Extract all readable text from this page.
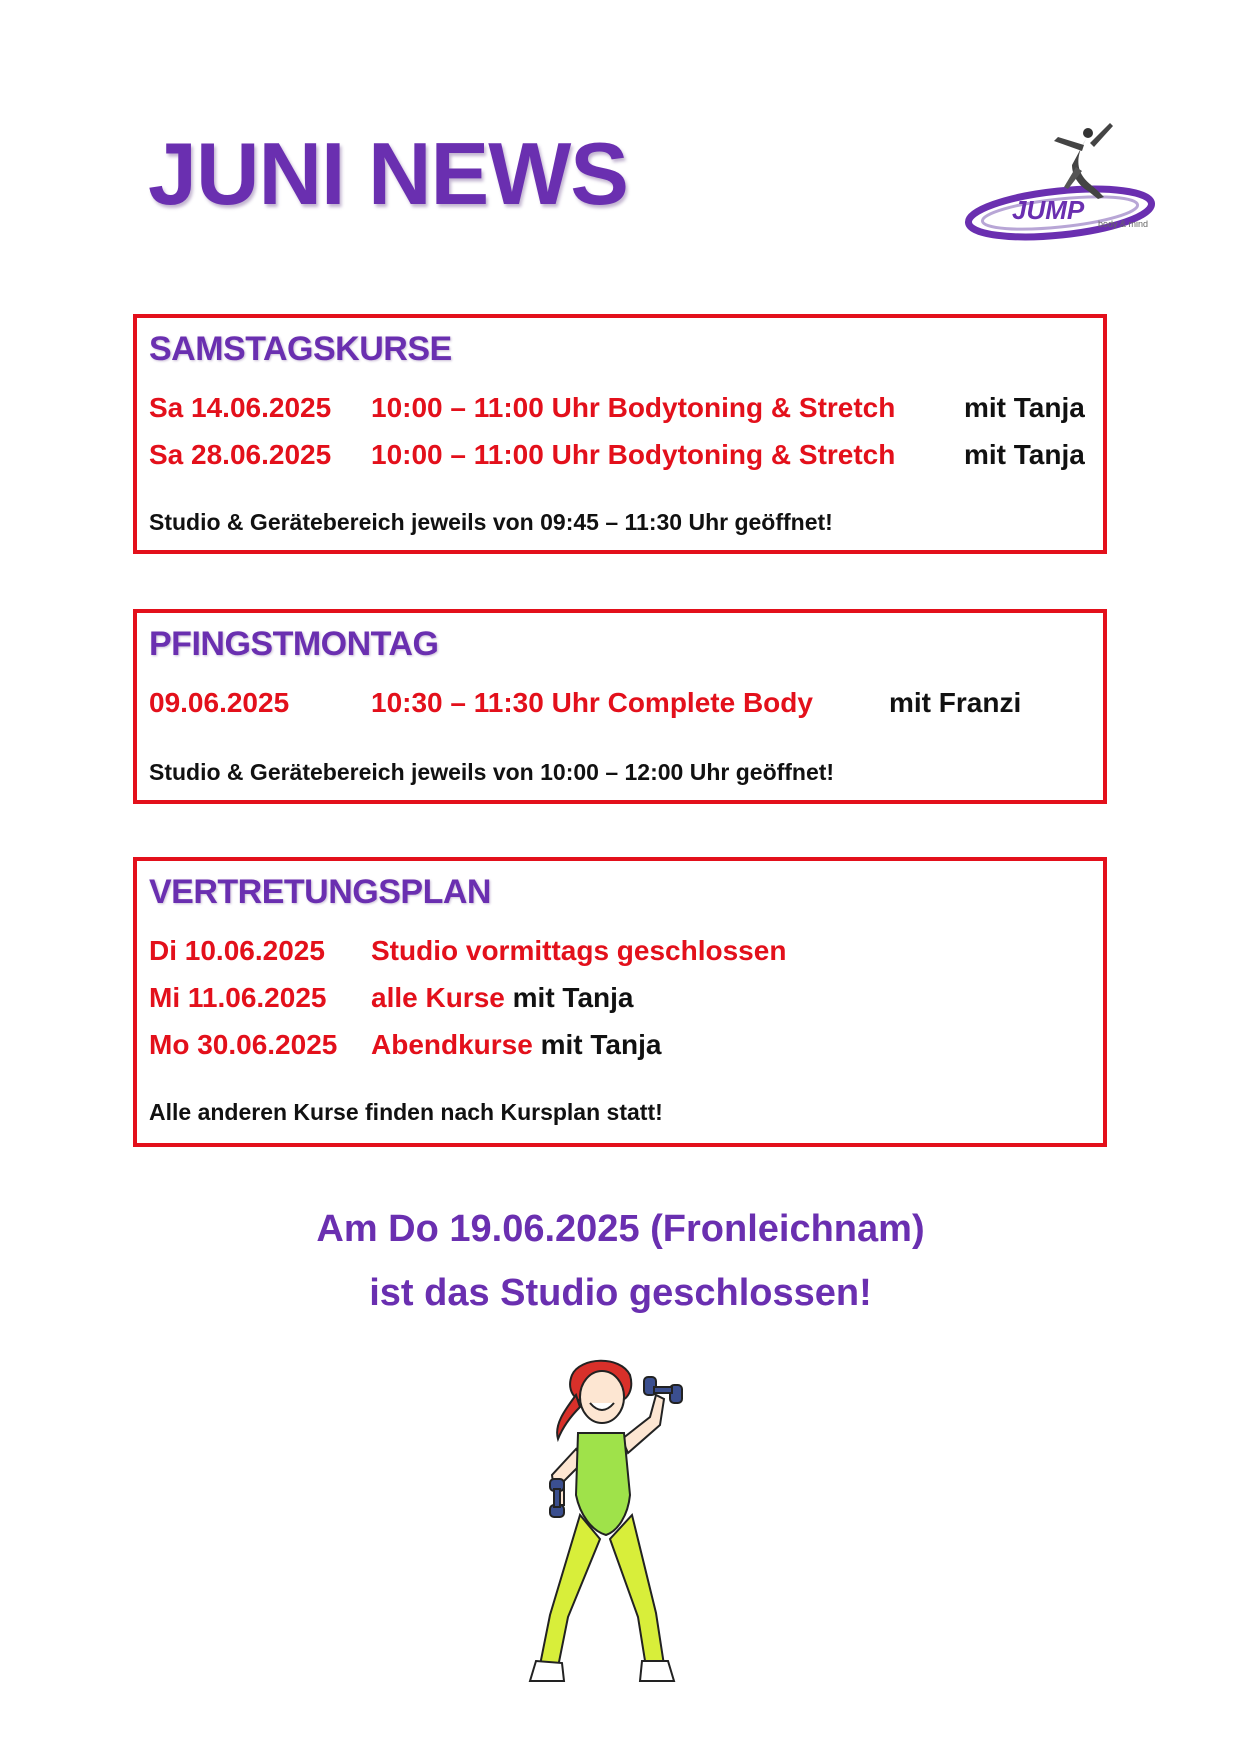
JUNI NEWS	JUMP body & mind
SAMSTAGSKURSE
Sa 14.06.2025 10:00 – 11:00 Uhr Bodytoning & Stretch mit Tanja
Sa 28.06.2025 10:00 – 11:00 Uhr Bodytoning & Stretch mit Tanja
Studio & Gerätebereich jeweils von 09:45 – 11:30 Uhr geöffnet!
PFINGSTMONTAG
09.06.2025	10:30 – 11:30 Uhr Complete Body	mit Franzi
Studio & Gerätebereich jeweils von 10:00 – 12:00 Uhr geöffnet!
VERTRETUNGSPLAN
Di 10.06.2025 Studio vormittags geschlossen
Mi 11.06.2025 alle Kurse mit Tanja
Mo 30.06.2025 Abendkurse mit Tanja
Alle anderen Kurse finden nach Kursplan statt!

Am Do 19.06.2025 (Fronleichnam)

ist das Studio geschlossen!
